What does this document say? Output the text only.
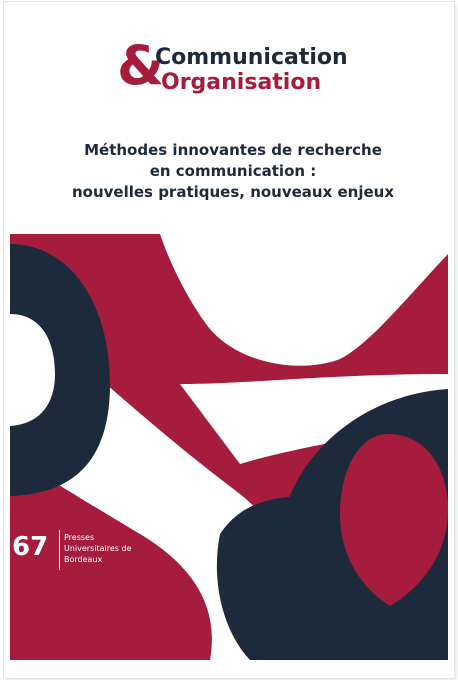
&
Communication
Organisation
Méthodes innovantes de recherche
en communication :
nouvelles pratiques, nouveaux enjeux
Dossier coordonné par
Nayra VACAFLOR, Raphaëlle BATS et Camelia CUSNIR
67 Presses
Universitaires de
Bordeaux
juin 2025
